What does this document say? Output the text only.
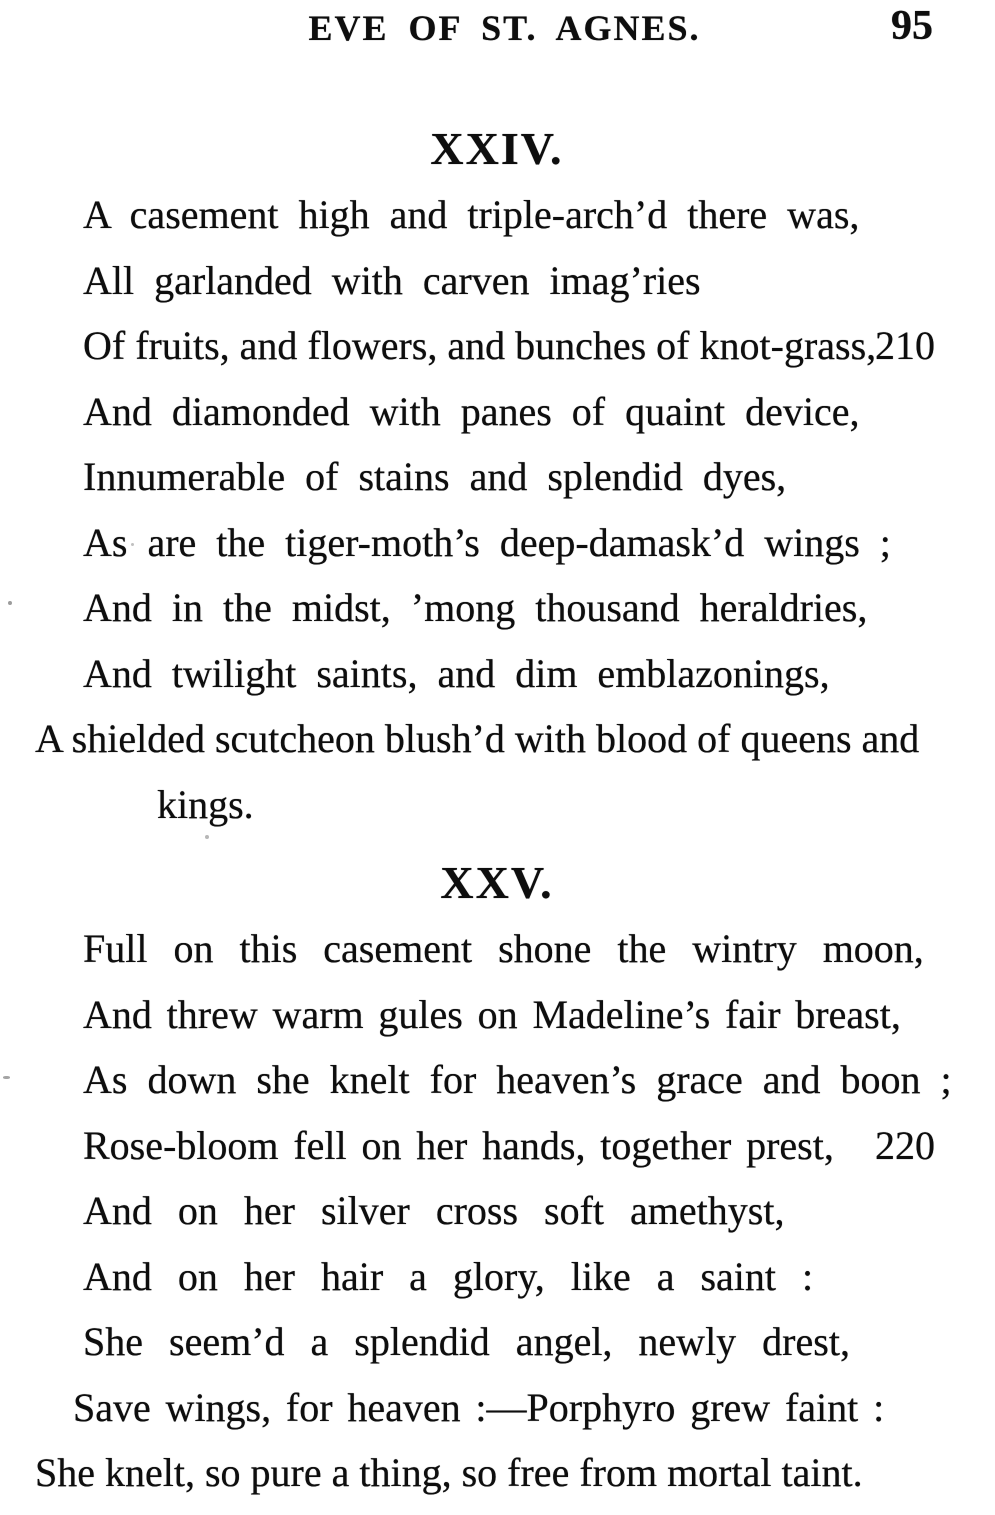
EVE OF ST. AGNES.	95
XXIV.
A casement high and triple-arch’d there was,
All garlanded with carven imag’ries
Of fruits, and flowers, and bunches of knot-grass,
210
And diamonded with panes of quaint device,
Innumerable of stains and splendid dyes,
As are the tiger-moth’s deep-damask’d wings ;
And in the midst, ’mong thousand heraldries,
And twilight saints, and dim emblazonings,
A shielded scutcheon blush’d with blood of queens and
kings.
XXV.
Full on this casement shone the wintry moon,
And threw warm gules on Madeline’s fair breast,
As down she knelt for heaven’s grace and boon ;
Rose-bloom fell on her hands, together prest, 220
And on her silver cross soft amethyst,
And on her hair a glory, like a saint :
She seem’d a splendid angel, newly drest,
Save wings, for heaven :—Porphyro grew faint :
She knelt, so pure a thing, so free from mortal taint.
